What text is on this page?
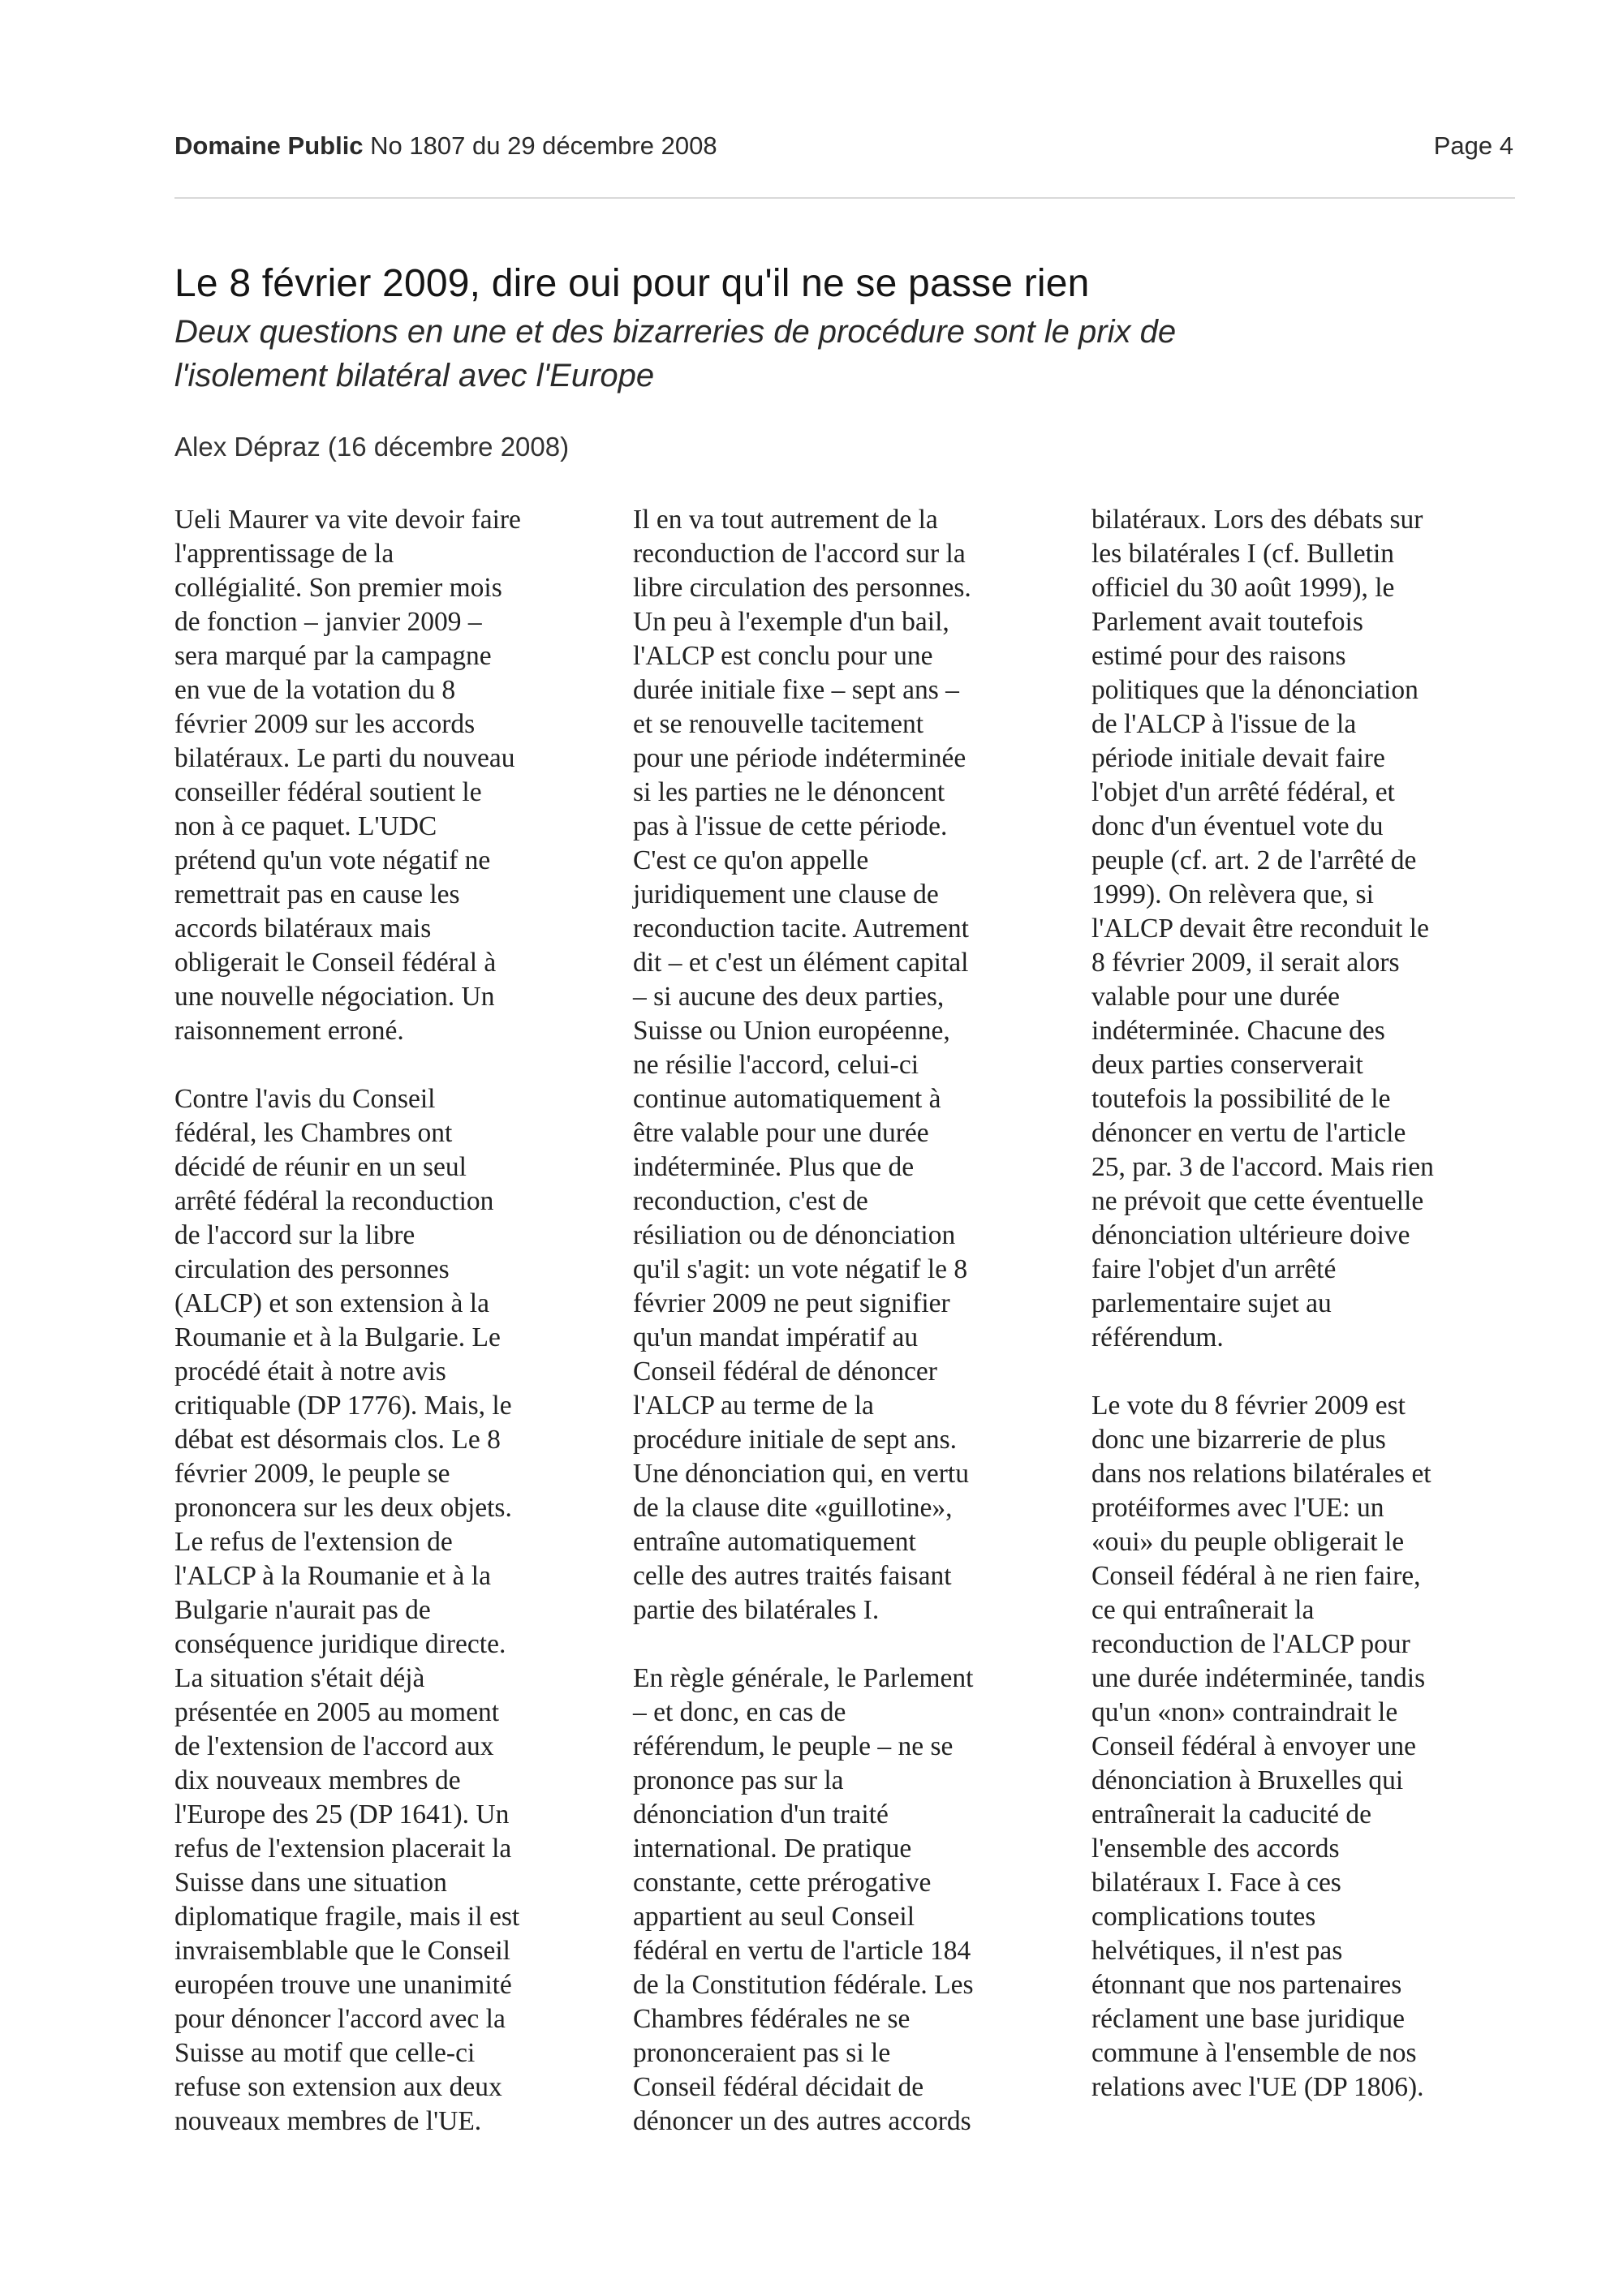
Domaine Public No 1807 du 29 décembre 2008	Page 4
Le 8 février 2009, dire oui pour qu'il ne se passe rien
Deux questions en une et des bizarreries de procédure sont le prix de
l'isolement bilatéral avec l'Europe
Alex Dépraz (16 décembre 2008)

Ueli Maurer va vite devoir faire
l'apprentissage de la
collégialité. Son premier mois
de fonction – janvier 2009 –
sera marqué par la campagne
en vue de la votation du 8
février 2009 sur les accords
bilatéraux. Le parti du nouveau
conseiller fédéral soutient le
non à ce paquet. L'UDC
prétend qu'un vote négatif ne
remettrait pas en cause les
accords bilatéraux mais
obligerait le Conseil fédéral à
une nouvelle négociation. Un
raisonnement erroné.

Contre l'avis du Conseil
fédéral, les Chambres ont
décidé de réunir en un seul
arrêté fédéral la reconduction
de l'accord sur la libre
circulation des personnes
(ALCP) et son extension à la
Roumanie et à la Bulgarie. Le
procédé était à notre avis
critiquable (DP 1776). Mais, le
débat est désormais clos. Le 8
février 2009, le peuple se
prononcera sur les deux objets.
Le refus de l'extension de
l'ALCP à la Roumanie et à la
Bulgarie n'aurait pas de
conséquence juridique directe.
La situation s'était déjà
présentée en 2005 au moment
de l'extension de l'accord aux
dix nouveaux membres de
l'Europe des 25 (DP 1641). Un
refus de l'extension placerait la
Suisse dans une situation
diplomatique fragile, mais il est
invraisemblable que le Conseil
européen trouve une unanimité
pour dénoncer l'accord avec la
Suisse au motif que celle-ci
refuse son extension aux deux
nouveaux membres de l'UE.

Il en va tout autrement de la
reconduction de l'accord sur la
libre circulation des personnes.
Un peu à l'exemple d'un bail,
l'ALCP est conclu pour une
durée initiale fixe – sept ans –
et se renouvelle tacitement
pour une période indéterminée
si les parties ne le dénoncent
pas à l'issue de cette période.
C'est ce qu'on appelle
juridiquement une clause de
reconduction tacite. Autrement
dit – et c'est un élément capital
– si aucune des deux parties,
Suisse ou Union européenne,
ne résilie l'accord, celui-ci
continue automatiquement à
être valable pour une durée
indéterminée. Plus que de
reconduction, c'est de
résiliation ou de dénonciation
qu'il s'agit: un vote négatif le 8
février 2009 ne peut signifier
qu'un mandat impératif au
Conseil fédéral de dénoncer
l'ALCP au terme de la
procédure initiale de sept ans.
Une dénonciation qui, en vertu
de la clause dite «guillotine»,
entraîne automatiquement
celle des autres traités faisant
partie des bilatérales I.

En règle générale, le Parlement
– et donc, en cas de
référendum, le peuple – ne se
prononce pas sur la
dénonciation d'un traité
international. De pratique
constante, cette prérogative
appartient au seul Conseil
fédéral en vertu de l'article 184
de la Constitution fédérale. Les
Chambres fédérales ne se
prononceraient pas si le
Conseil fédéral décidait de
dénoncer un des autres accords

bilatéraux. Lors des débats sur
les bilatérales I (cf. Bulletin
officiel du 30 août 1999), le
Parlement avait toutefois
estimé pour des raisons
politiques que la dénonciation
de l'ALCP à l'issue de la
période initiale devait faire
l'objet d'un arrêté fédéral, et
donc d'un éventuel vote du
peuple (cf. art. 2 de l'arrêté de
1999). On relèvera que, si
l'ALCP devait être reconduit le
8 février 2009, il serait alors
valable pour une durée
indéterminée. Chacune des
deux parties conserverait
toutefois la possibilité de le
dénoncer en vertu de l'article
25, par. 3 de l'accord. Mais rien
ne prévoit que cette éventuelle
dénonciation ultérieure doive
faire l'objet d'un arrêté
parlementaire sujet au
référendum.

Le vote du 8 février 2009 est
donc une bizarrerie de plus
dans nos relations bilatérales et
protéiformes avec l'UE: un
«oui» du peuple obligerait le
Conseil fédéral à ne rien faire,
ce qui entraînerait la
reconduction de l'ALCP pour
une durée indéterminée, tandis
qu'un «non» contraindrait le
Conseil fédéral à envoyer une
dénonciation à Bruxelles qui
entraînerait la caducité de
l'ensemble des accords
bilatéraux I. Face à ces
complications toutes
helvétiques, il n'est pas
étonnant que nos partenaires
réclament une base juridique
commune à l'ensemble de nos
relations avec l'UE (DP 1806).
